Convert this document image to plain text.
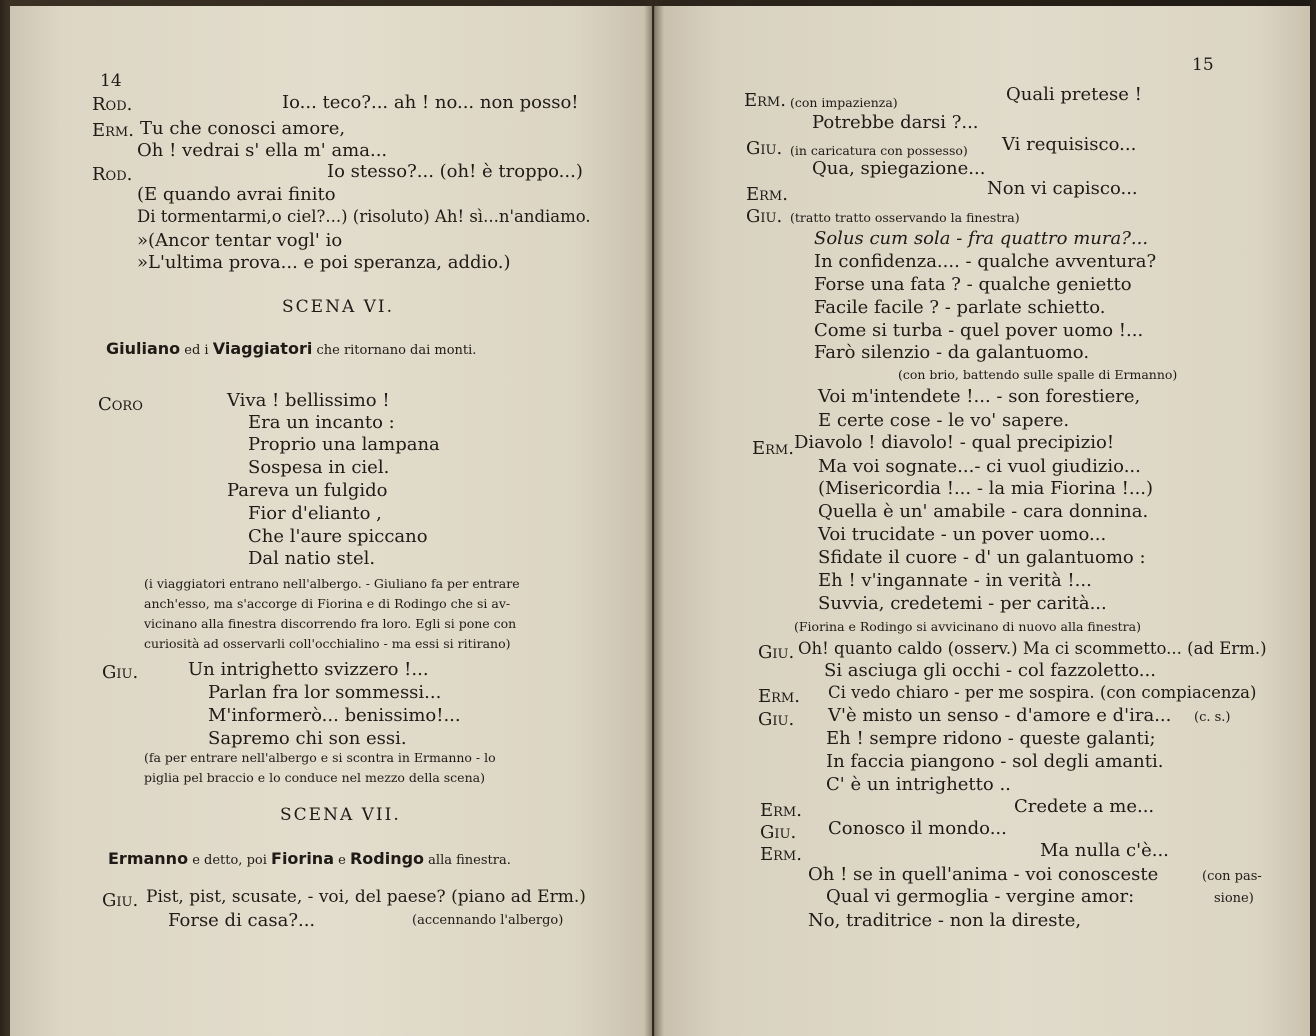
14
Rod.	Io... teco?... ah ! no... non posso!
Erm. Tu che conosci amore,
Oh ! vedrai s' ella m' ama...
Rod.	Io stesso?... (oh! è troppo...)
(E quando avrai finito
Di tormentarmi,o ciel?...) (risoluto) Ah! sì...n'andiamo.
»(Ancor tentar vogl' io
»L'ultima prova... e poi speranza, addio.)
SCENA VI.
Giuliano ed i Viaggiatori che ritornano dai monti.
Coro	Viva ! bellissimo !
Era un incanto :
Proprio una lampana
Sospesa in ciel.
Pareva un fulgido
Fior d'elianto ,
Che l'aure spiccano
Dal natio stel.
(i viaggiatori entrano nell'albergo. - Giuliano fa per entrare
anch'esso, ma s'accorge di Fiorina e di Rodingo che si av-
vicinano alla finestra discorrendo fra loro. Egli si pone con
curiosità ad osservarli coll'occhialino - ma essi si ritirano)
Giu.	Un intrighetto svizzero !...
Parlan fra lor sommessi...
M'informerò... benissimo!...
Sapremo chi son essi.
(fa per entrare nell'albergo e si scontra in Ermanno - lo
piglia pel braccio e lo conduce nel mezzo della scena)
SCENA VII.
Ermanno e detto, poi Fiorina e Rodingo alla finestra.
Giu. Pist, pist, scusate, - voi, del paese? (piano ad Erm.)
Forse di casa?...	(accennando l'albergo)
15
Erm. (con impazienza)	Quali pretese !
Potrebbe darsi ?...
Giu. (in caricatura con possesso) Vi requisisco...
Qua, spiegazione...
Erm.	Non vi capisco...
Giu. (tratto tratto osservando la finestra)
Solus cum sola - fra quattro mura?...
In confidenza.... - qualche avventura?
Forse una fata ? - qualche genietto
Facile facile ? - parlate schietto.
Come si turba - quel pover uomo !...
Farò silenzio - da galantuomo.
(con brio, battendo sulle spalle di Ermanno)
Voi m'intendete !... - son forestiere,
E certe cose - le vo' sapere.
Erm. Diavolo ! diavolo! - qual precipizio!
Ma voi sognate...- ci vuol giudizio...
(Misericordia !... - la mia Fiorina !...)
Quella è un' amabile - cara donnina.
Voi trucidate - un pover uomo...
Sfidate il cuore - d' un galantuomo :
Eh ! v'ingannate - in verità !...
Suvvia, credetemi - per carità...
(Fiorina e Rodingo si avvicinano di nuovo alla finestra)
Giu. Oh! quanto caldo (osserv.) Ma ci scommetto... (ad Erm.)
Si asciuga gli occhi - col fazzoletto...
Erm. Ci vedo chiaro - per me sospira. (con compiacenza)
Giu. V'è misto un senso - d'amore e d'ira... (c. s.)
Eh ! sempre ridono - queste galanti;
In faccia piangono - sol degli amanti.
C' è un intrighetto ..
Erm.	Credete a me...
Giu. Conosco il mondo...
Erm.	Ma nulla c'è...
Oh ! se in quell'anima - voi conosceste	(con pas-
Qual vi germoglia - vergine amor:	sione)
No, traditrice - non la direste,
